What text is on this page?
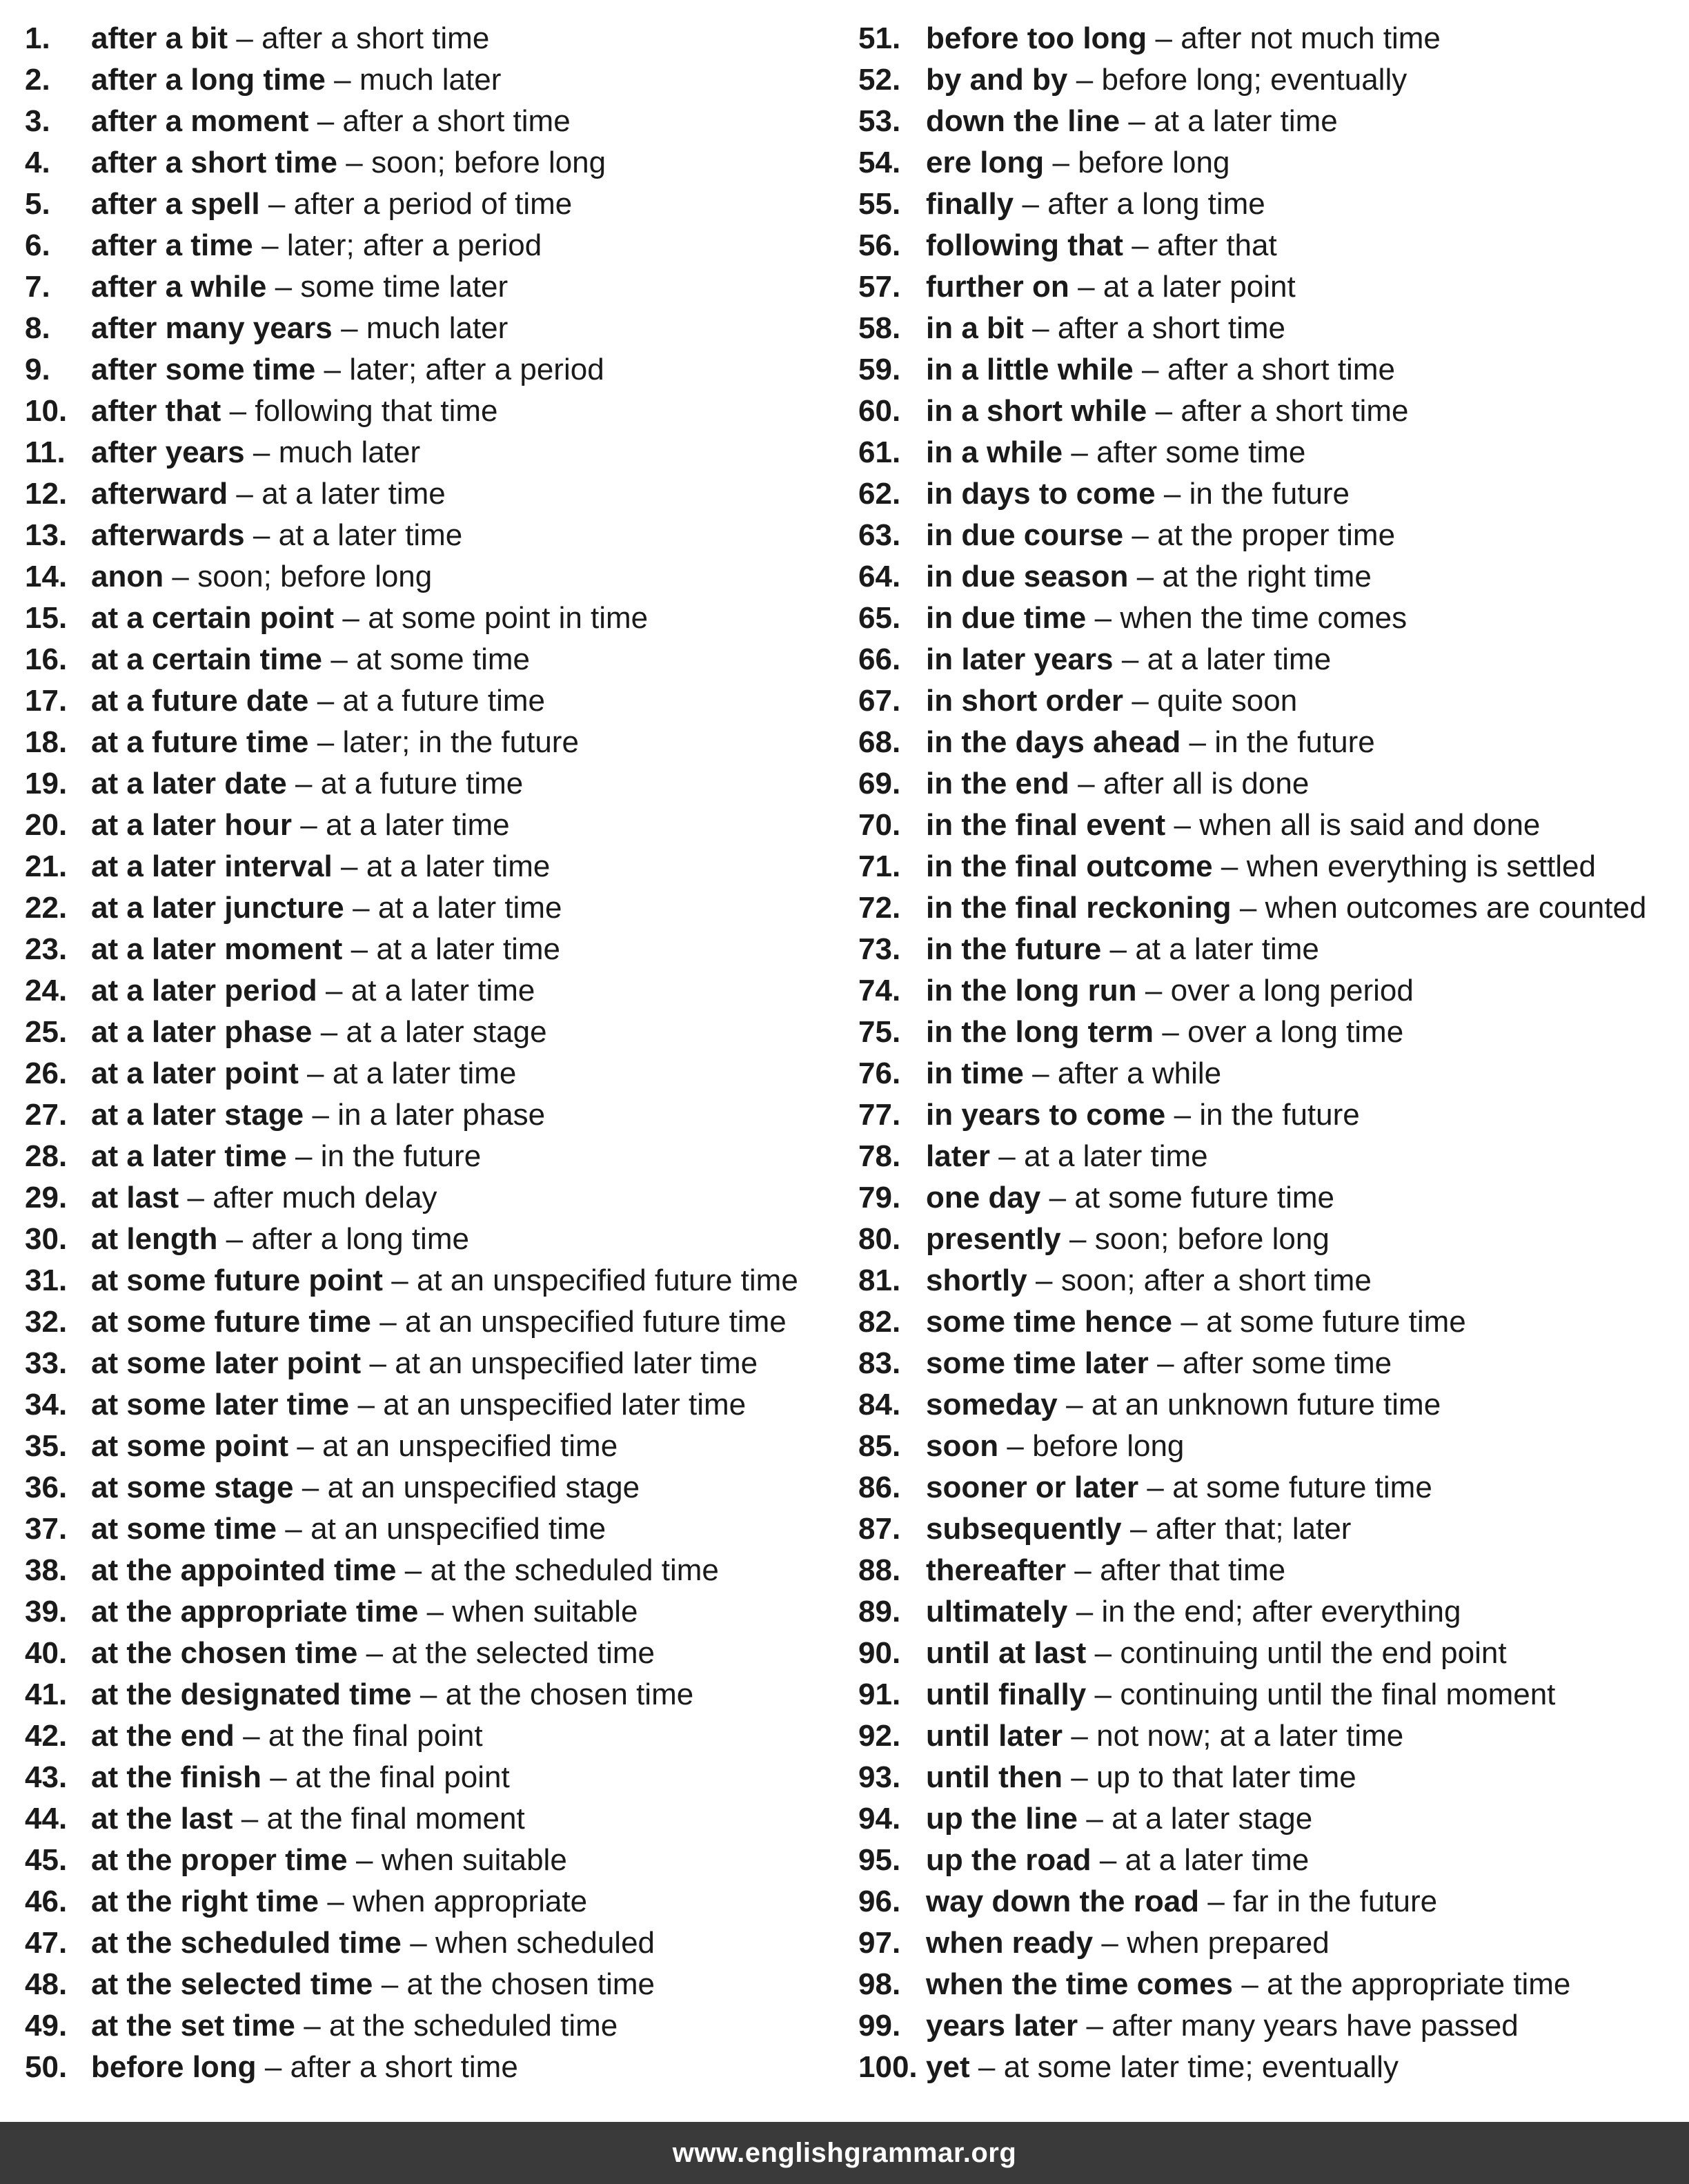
1.	after a bit – after a short time
2.	after a long time – much later
3.	after a moment – after a short time
4.	after a short time – soon; before long
5.	after a spell – after a period of time
6.	after a time – later; after a period
7.	after a while – some time later
8.	after many years – much later
9.	after some time – later; after a period
10. after that – following that time
11. after years – much later
12. afterward – at a later time
13. afterwards – at a later time
14. anon – soon; before long
15. at a certain point – at some point in time
16. at a certain time – at some time
17. at a future date – at a future time
18. at a future time – later; in the future
19. at a later date – at a future time
20. at a later hour – at a later time
21. at a later interval – at a later time
22. at a later juncture – at a later time
23. at a later moment – at a later time
24. at a later period – at a later time
25. at a later phase – at a later stage
26. at a later point – at a later time
27. at a later stage – in a later phase
28. at a later time – in the future
29. at last – after much delay
30. at length – after a long time
31. at some future point – at an unspecified future time
32. at some future time – at an unspecified future time
33. at some later point – at an unspecified later time
34. at some later time – at an unspecified later time
35. at some point – at an unspecified time
36. at some stage – at an unspecified stage
37. at some time – at an unspecified time
38. at the appointed time – at the scheduled time
39. at the appropriate time – when suitable
40. at the chosen time – at the selected time
41. at the designated time – at the chosen time
42. at the end – at the final point
43. at the finish – at the final point
44. at the last – at the final moment
45. at the proper time – when suitable
46. at the right time – when appropriate
47. at the scheduled time – when scheduled
48. at the selected time – at the chosen time
49. at the set time – at the scheduled time
50. before long – after a short time
51. before too long – after not much time
52. by and by – before long; eventually
53. down the line – at a later time
54. ere long – before long
55. finally – after a long time
56. following that – after that
57. further on – at a later point
58. in a bit – after a short time
59. in a little while – after a short time
60. in a short while – after a short time
61. in a while – after some time
62. in days to come – in the future
63. in due course – at the proper time
64. in due season – at the right time
65. in due time – when the time comes
66. in later years – at a later time
67. in short order – quite soon
68. in the days ahead – in the future
69. in the end – after all is done
70. in the final event – when all is said and done
71. in the final outcome – when everything is settled
72. in the final reckoning – when outcomes are counted
73. in the future – at a later time
74. in the long run – over a long period
75. in the long term – over a long time
76. in time – after a while
77. in years to come – in the future
78. later – at a later time
79. one day – at some future time
80. presently – soon; before long
81. shortly – soon; after a short time
82. some time hence – at some future time
83. some time later – after some time
84. someday – at an unknown future time
85. soon – before long
86. sooner or later – at some future time
87. subsequently – after that; later
88. thereafter – after that time
89. ultimately – in the end; after everything
90. until at last – continuing until the end point
91. until finally – continuing until the final moment
92. until later – not now; at a later time
93. until then – up to that later time
94. up the line – at a later stage
95. up the road – at a later time
96. way down the road – far in the future
97. when ready – when prepared
98. when the time comes – at the appropriate time
99. years later – after many years have passed
100. yet – at some later time; eventually
www.englishgrammar.org
